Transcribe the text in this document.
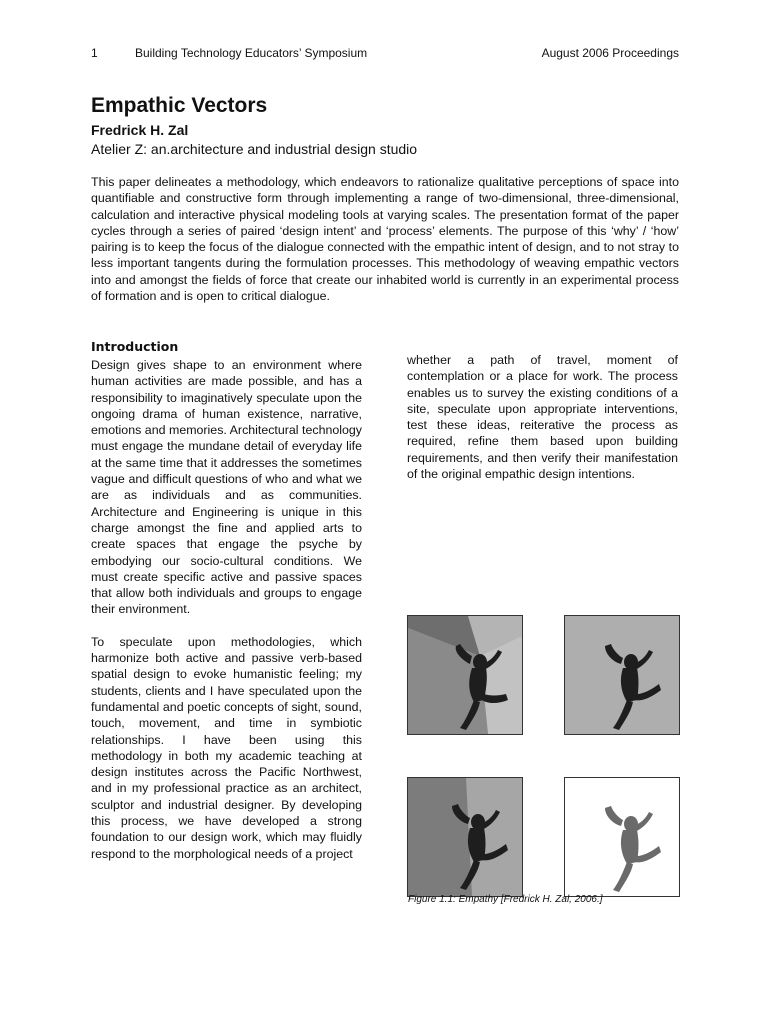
1	Building Technology Educators’ Symposium	August 2006 Proceedings
Empathic Vectors
Fredrick H. Zal
Atelier Z: an.architecture and industrial design studio

This paper delineates a methodology, which endeavors to rationalize qualitative perceptions of space into quantifiable and constructive form through implementing a range of two-dimensional, three-dimensional, calculation and interactive physical modeling tools at varying scales. The presentation format of the paper cycles through a series of paired ‘design intent’ and ‘process’ elements. The purpose of this ‘why’ / ‘how’ pairing is to keep the focus of the dialogue connected with the empathic intent of design, and to not stray to less important tangents during the formulation processes. This methodology of weaving empathic vectors into and amongst the fields of force that create our inhabited world is currently in an experimental process of formation and is open to critical dialogue.

Introduction

Design gives shape to an environment where human activities are made possible, and has a responsibility to imaginatively speculate upon the ongoing drama of human existence, narrative, emotions and memories. Architectural technology must engage the mundane detail of everyday life at the same time that it addresses the sometimes vague and difficult questions of who and what we are as individuals and as communities. Architecture and Engineering is unique in this charge amongst the fine and applied arts to create spaces that engage the psyche by embodying our socio-cultural conditions. We must create specific active and passive spaces that allow both individuals and groups to engage their environment.

To speculate upon methodologies, which harmonize both active and passive verb-based spatial design to evoke humanistic feeling; my students, clients and I have speculated upon the fundamental and poetic concepts of sight, sound, touch, movement, and time in symbiotic relationships. I have been using this methodology in both my academic teaching at design institutes across the Pacific Northwest, and in my professional practice as an architect, sculptor and industrial designer. By developing this process, we have developed a strong foundation to our design work, which may fluidly respond to the morphological needs of a project

whether a path of travel, moment of contemplation or a place for work. The process enables us to survey the existing conditions of a site, speculate upon appropriate interventions, test these ideas, reiterative the process as required, refine them based upon building requirements, and then verify their manifestation of the original empathic design intentions.

Figure 1.1: Empathy [Fredrick H. Zal, 2006.]
